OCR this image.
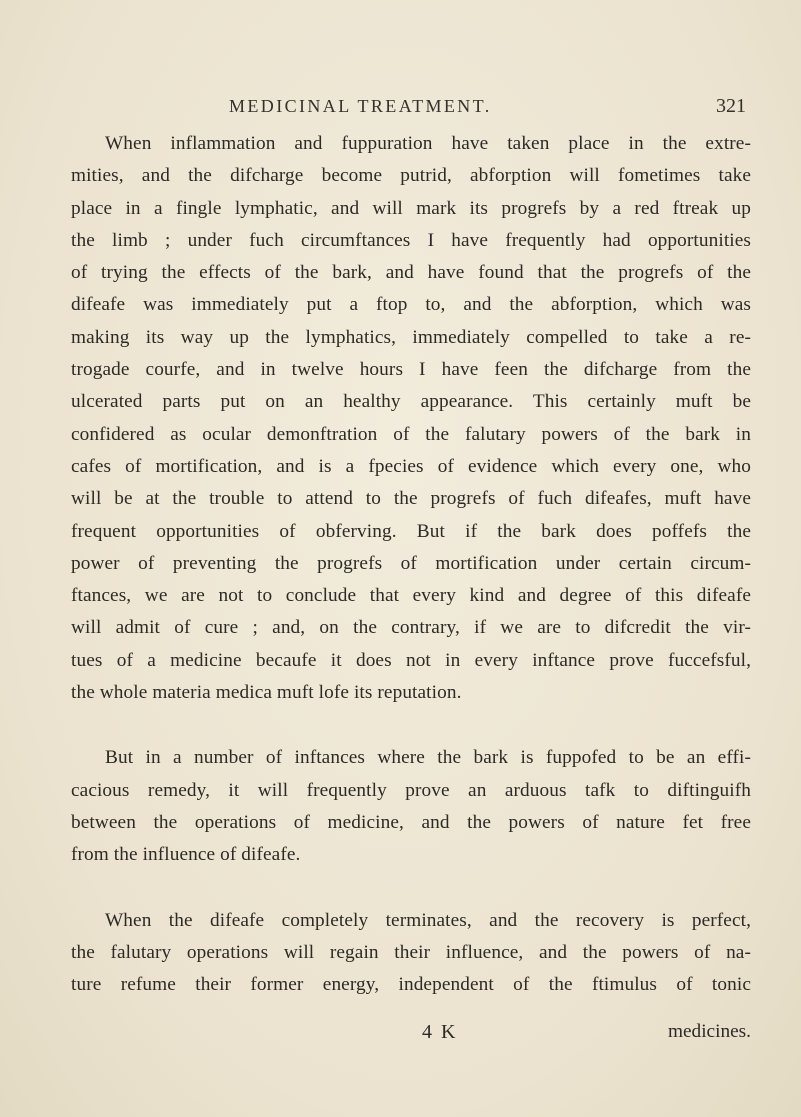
MEDICINAL TREATMENT.	321
When inflammation and fuppuration have taken place in the extre-
mities, and the difcharge become putrid, abforption will fometimes take
place in a fingle lymphatic, and will mark its progrefs by a red ftreak up
the limb ; under fuch circumftances I have frequently had opportunities
of trying the effects of the bark, and have found that the progrefs of the
difeafe was immediately put a ftop to, and the abforption, which was
making its way up the lymphatics, immediately compelled to take a re-
trogade courfe, and in twelve hours I have feen the difcharge from the
ulcerated parts put on an healthy appearance. This certainly muft be
confidered as ocular demonftration of the falutary powers of the bark in
cafes of mortification, and is a fpecies of evidence which every one, who
will be at the trouble to attend to the progrefs of fuch difeafes, muft have
frequent opportunities of obferving. But if the bark does poffefs the
power of preventing the progrefs of mortification under certain circum-
ftances, we are not to conclude that every kind and degree of this difeafe
will admit of cure ; and, on the contrary, if we are to difcredit the vir-
tues of a medicine becaufe it does not in every inftance prove fuccefsful,
the whole materia medica muft lofe its reputation.
But in a number of inftances where the bark is fuppofed to be an effi-
cacious remedy, it will frequently prove an arduous tafk to diftinguifh
between the operations of medicine, and the powers of nature fet free
from the influence of difeafe.
When the difeafe completely terminates, and the recovery is perfect,
the falutary operations will regain their influence, and the powers of na-
ture refume their former energy, independent of the ftimulus of tonic
4 K	medicines.
